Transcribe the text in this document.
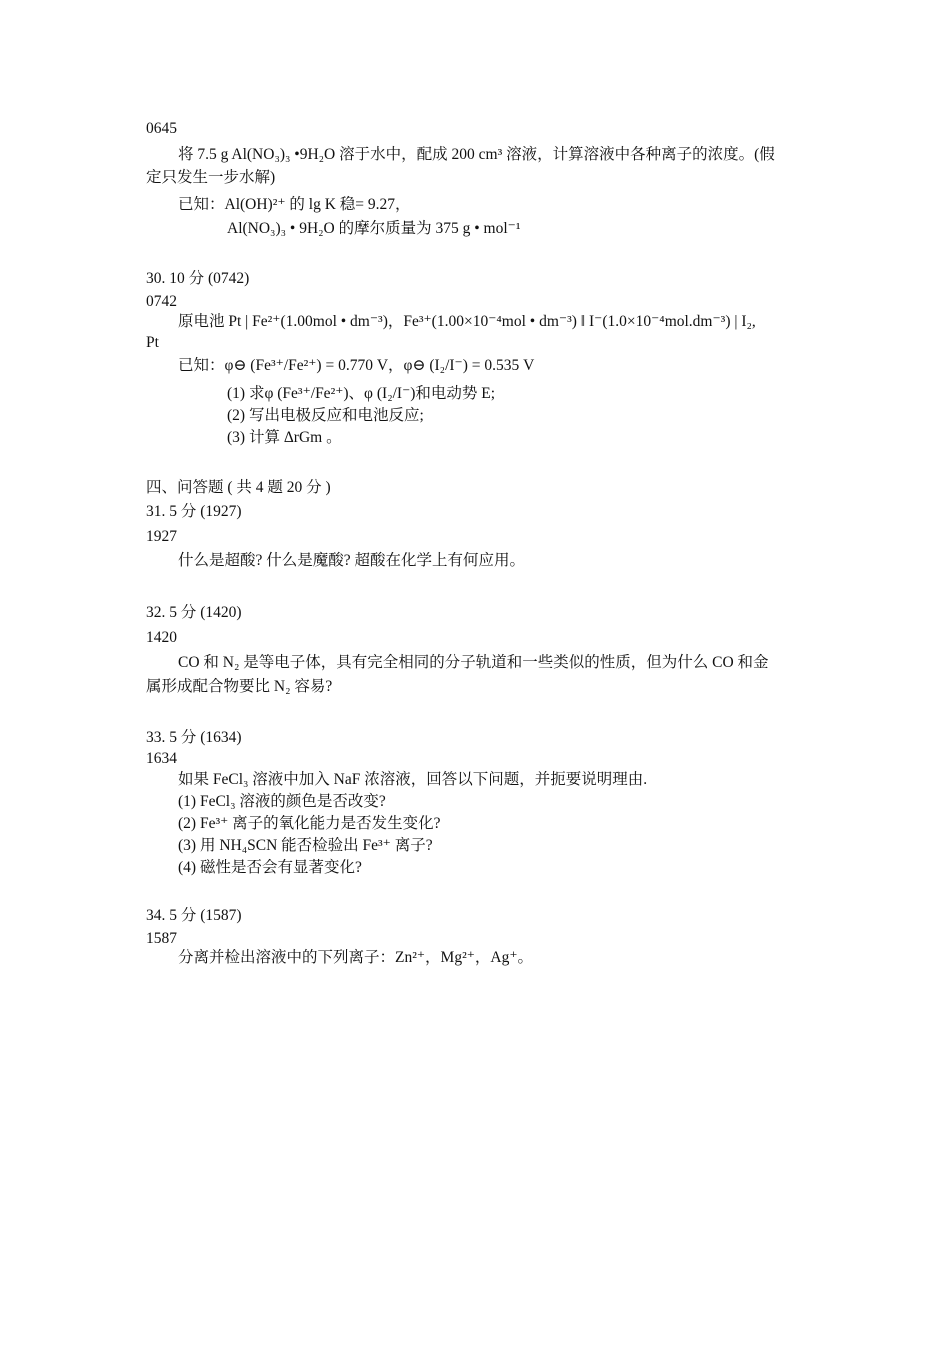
0645
将 7.5 g Al(NO₃)₃ •9H₂O 溶于水中，配成 200 cm³ 溶液，计算溶液中各种离子的浓度。(假
定只发生一步水解)
已知：Al(OH)²⁺ 的 lg K 稳= 9.27，
Al(NO₃)₃ • 9H₂O 的摩尔质量为 375 g • mol⁻¹
30. 10 分 (0742)
0742
原电池 Pt | Fe²⁺(1.00mol • dm⁻³)，Fe³⁺(1.00×10⁻⁴mol • dm⁻³) ‖ I⁻(1.0×10⁻⁴mol.dm⁻³) | I₂,
Pt
已知：φ⊖ (Fe³⁺/Fe²⁺) = 0.770 V，φ⊖ (I₂/I⁻) = 0.535 V
(1) 求φ (Fe³⁺/Fe²⁺)、φ (I₂/I⁻)和电动势 E;
(2) 写出电极反应和电池反应;
(3) 计算 ΔrGm 。
四、问答题 ( 共 4 题 20 分 )
31. 5 分 (1927)
1927
什么是超酸? 什么是魔酸? 超酸在化学上有何应用。
32. 5 分 (1420)
1420
CO 和 N₂ 是等电子体，具有完全相同的分子轨道和一些类似的性质，但为什么 CO 和金
属形成配合物要比 N₂ 容易?
33. 5 分 (1634)
1634
如果 FeCl₃ 溶液中加入 NaF 浓溶液，回答以下问题，并扼要说明理由.
(1) FeCl₃ 溶液的颜色是否改变?
(2) Fe³⁺ 离子的氧化能力是否发生变化?
(3) 用 NH₄SCN 能否检验出 Fe³⁺ 离子?
(4) 磁性是否会有显著变化?
34. 5 分 (1587)
1587
分离并检出溶液中的下列离子：Zn²⁺，Mg²⁺，Ag⁺。
